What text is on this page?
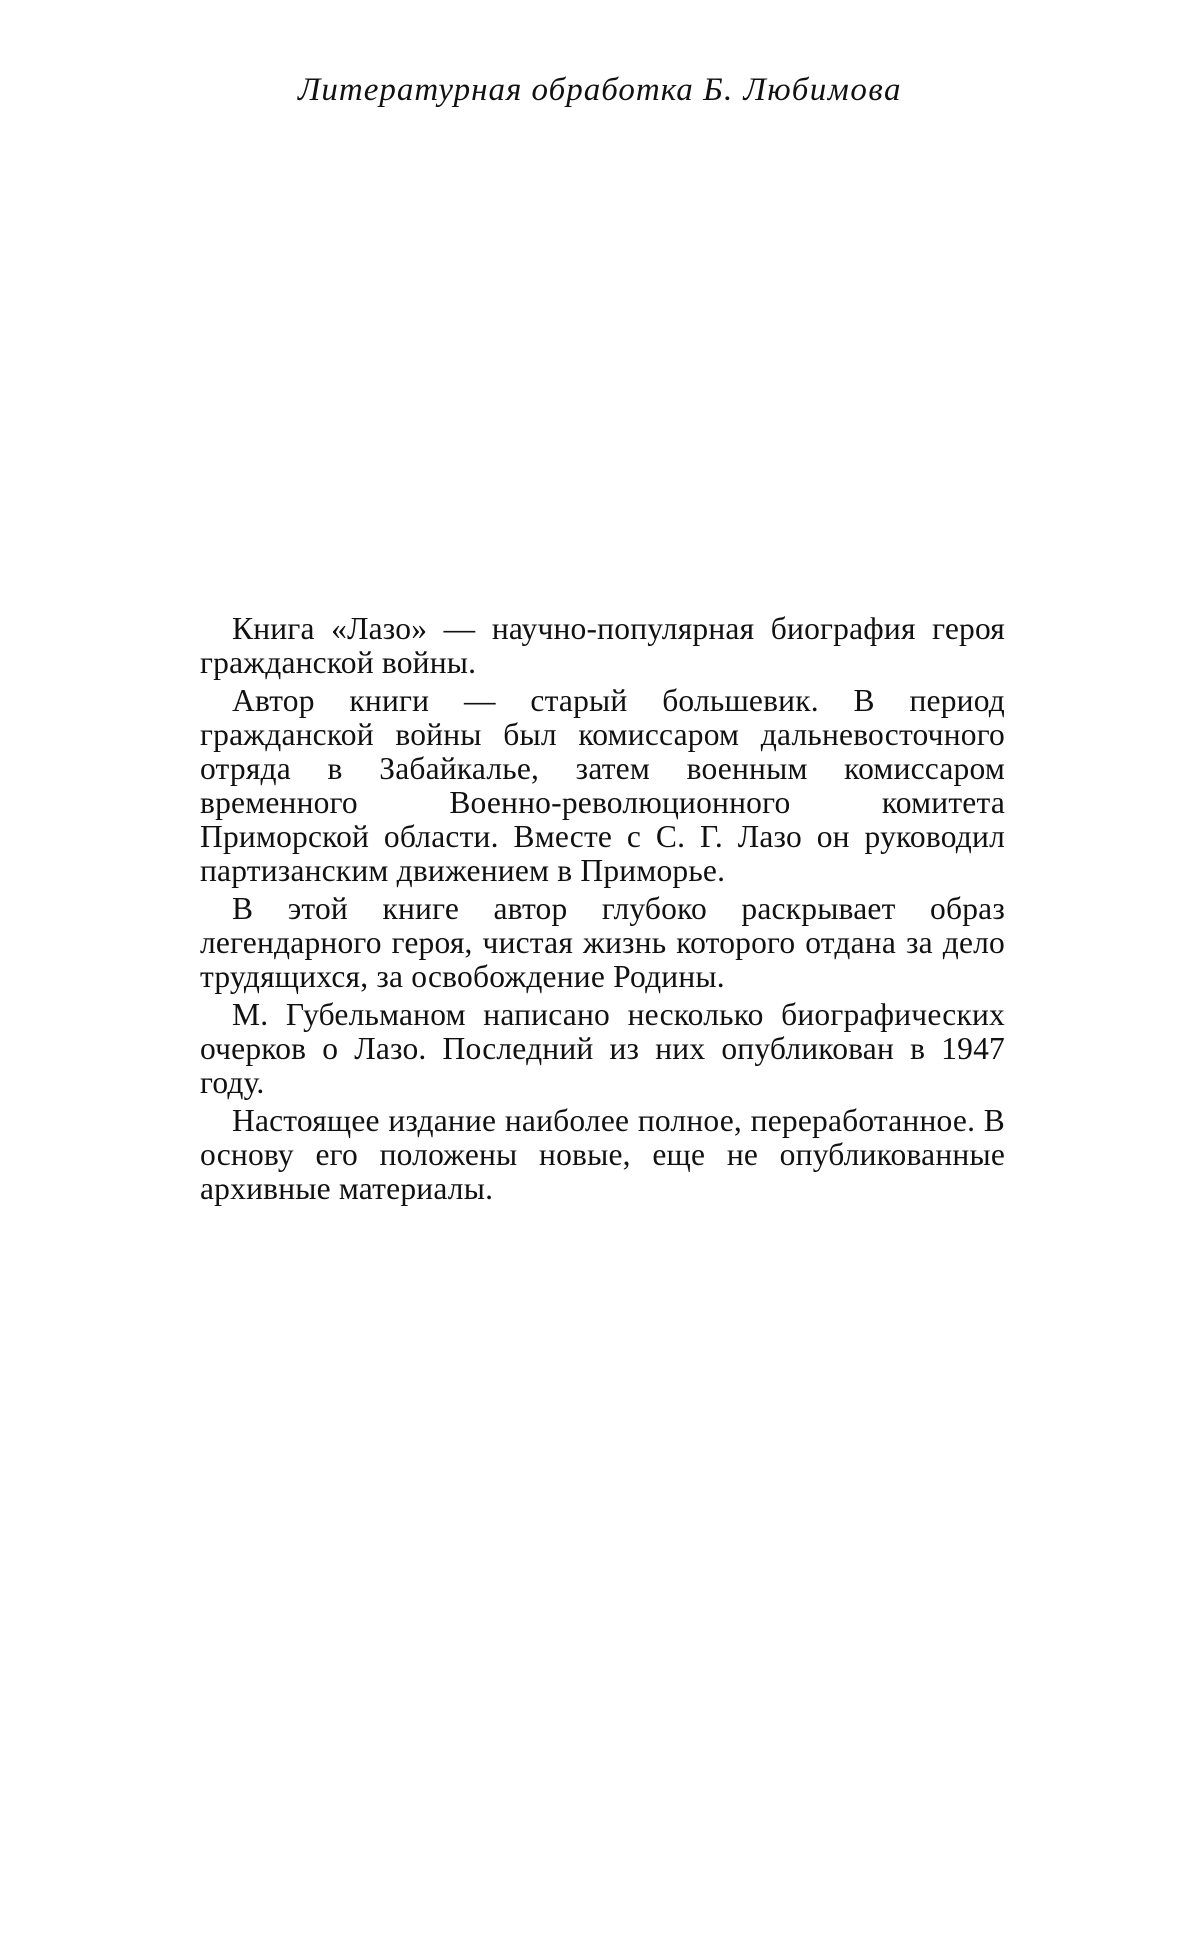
Литературная обработка Б. Любимова

Книга «Лазо» — научно-популярная биография героя гражданской войны.

Автор книги — старый большевик. В период гражданской войны был комиссаром дальневосточного отряда в Забайкалье, затем военным комиссаром временного Военно-революционного комитета Приморской области. Вместе с С. Г. Лазо он руководил партизанским движением в Приморье.

В этой книге автор глубоко раскрывает образ легендарного героя, чистая жизнь которого отдана за дело трудящихся, за освобождение Родины.

М. Губельманом написано несколько биографических очерков о Лазо. Последний из них опубликован в 1947 году.

Настоящее издание наиболее полное, переработанное. В основу его положены новые, еще не опубликованные архивные материалы.
